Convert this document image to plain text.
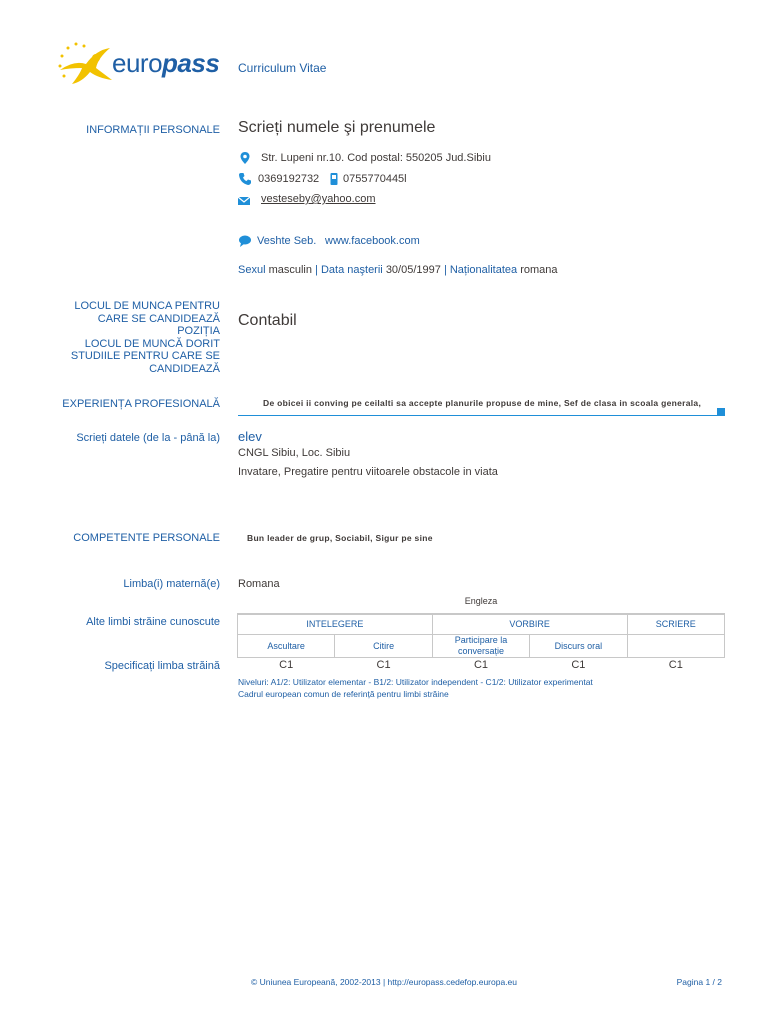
europass Curriculum Vitae
INFORMAȚII PERSONALE Scrieți numele şi prenumele
Str. Lupeni nr.10. Cod postal: 550205 Jud.Sibiu
0369192732 0755770445l
vesteseby@yahoo.com
Veshte Seb. www.facebook.com
Sexul masculin | Data naşterii 30/05/1997 | Naționalitatea romana
LOCUL DE MUNCA PENTRU
CARE SE CANDIDEAZĂ
POZIȚIA
LOCUL DE MUNCĂ DORIT
STUDIILE PENTRU CARE SE
CANDIDEAZĂ
Contabil
EXPERIENȚA PROFESIONALĂ	De obicei ii conving pe ceilalti sa accepte planurile propuse de mine, Sef de clasa in scoala generala,
Scrieți datele (de la - până la) elev
CNGL Sibiu, Loc. Sibiu
Invatare, Pregatire pentru viitoarele obstacole in viata
COMPETENTE PERSONALE	Bun leader de grup, Sociabil, Sigur pe sine
Limba(i) maternă(e) Romana
Engleza
Alte limbi străine cunoscute
Specificați limba străină
INTELEGERE		VORBIRE		SCRIERE
Ascultare	Citire	Participare la conversație	Discurs oral	
C1	C1	C1	C1	C1
Niveluri: A1/2: Utilizator elementar - B1/2: Utilizator independent - C1/2: Utilizator experimentat
Cadrul european comun de referință pentru limbi străine
© Uniunea Europeană, 2002-2013 | http://europass.cedefop.europa.eu	Pagina 1 / 2
